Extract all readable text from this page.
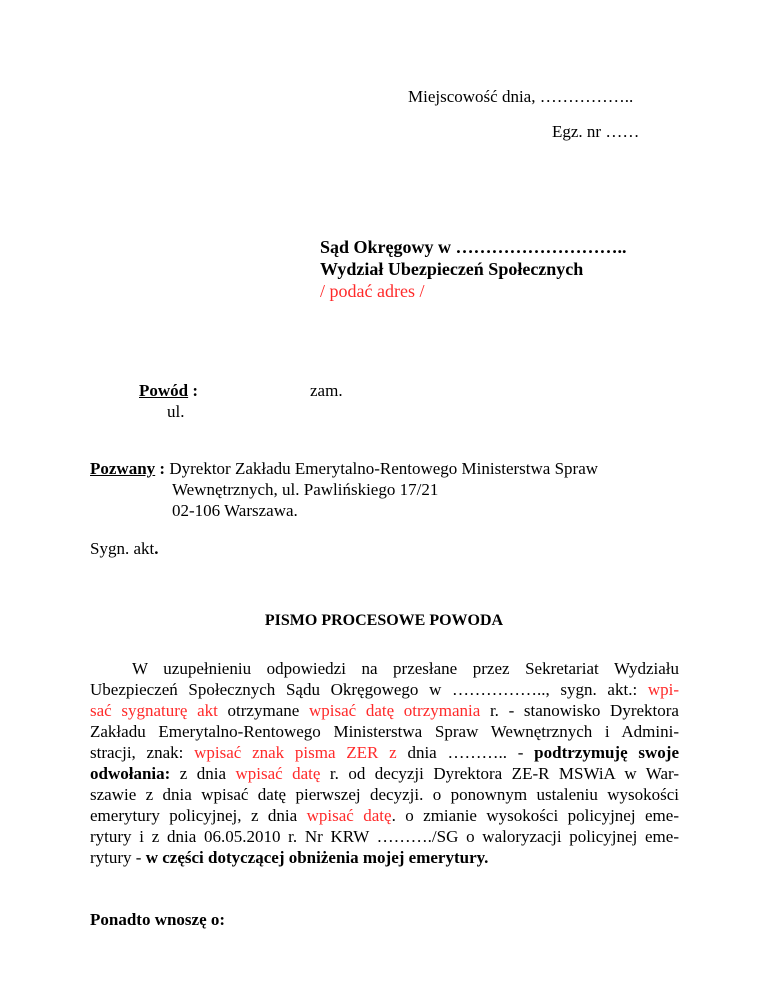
Miejscowość dnia, ……………..
Egz. nr ……
Sąd Okręgowy w ………………………..
Wydział Ubezpieczeń Społecznych
/ podać adres /
Powód :
ul.
zam.
Pozwany : Dyrektor Zakładu Emerytalno-Rentowego Ministerstwa Spraw
Wewnętrznych, ul. Pawlińskiego 17/21
02-106 Warszawa.
Sygn. akt.
PISMO PROCESOWE POWODA
W uzupełnieniu odpowiedzi na przesłane przez Sekretariat Wydziału
Ubezpieczeń Społecznych Sądu Okręgowego w …………….., sygn. akt.: wpi-
sać sygnaturę akt otrzymane wpisać datę otrzymania r. - stanowisko Dyrektora
Zakładu Emerytalno-Rentowego Ministerstwa Spraw Wewnętrznych i Admini-
stracji, znak: wpisać znak pisma ZER z dnia ……….. - podtrzymuję swoje
odwołania: z dnia wpisać datę r. od decyzji Dyrektora ZE-R MSWiA w War-
szawie z dnia wpisać datę pierwszej decyzji. o ponownym ustaleniu wysokości
emerytury policyjnej, z dnia wpisać datę. o zmianie wysokości policyjnej eme-
rytury i z dnia 06.05.2010 r. Nr KRW ………./SG o waloryzacji policyjnej eme-
rytury - w części dotyczącej obniżenia mojej emerytury.
Ponadto wnoszę o:
